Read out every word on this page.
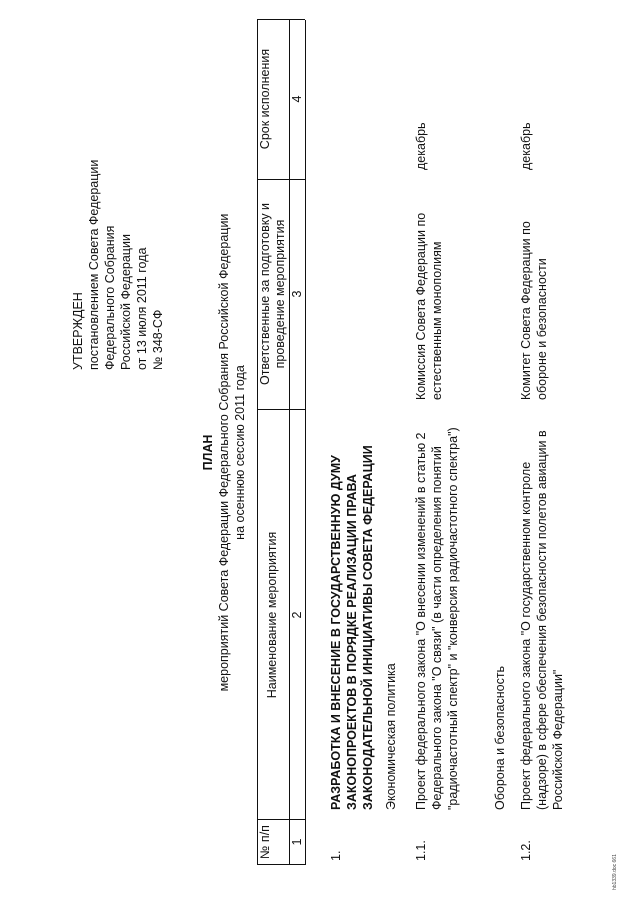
УТВЕРЖДЕН постановлением Совета Федерации Федерального Собрания Российской Федерации от 13 июля 2011 года № 348-СФ
ПЛАН мероприятий Совета Федерации Федерального Собрания Российской Федерации на осеннюю сессию 2011 года
№ п/п
Наименование мероприятия
Ответственные за подготовку и проведение мероприятия
Срок исполнения
1
2
3
4
1.
РАЗРАБОТКА И ВНЕСЕНИЕ В ГОСУДАРСТВЕННУЮ ДУМУ ЗАКОНОПРОЕКТОВ В ПОРЯДКЕ РЕАЛИЗАЦИИ ПРАВА ЗАКОНОДАТЕЛЬНОЙ ИНИЦИАТИВЫ СОВЕТА ФЕДЕРАЦИИ Экономическая политика
1.1.
Проект федерального закона "О внесении изменений в статью 2 Федерального закона "О связи" (в части определения понятий "радиочастотный спектр" и "конверсия радиочастотного спектра")
Комиссия Совета Федерации по естественным монополиям
декабрь
Оборона и безопасность
1.2.
Проект федерального закона "О государственном контроле (надзоре) в сфере обеспечения безопасности полетов авиации в Российской Федерации"
Комитет Совета Федерации по обороне и безопасности
декабрь
hb1339.doc 661
